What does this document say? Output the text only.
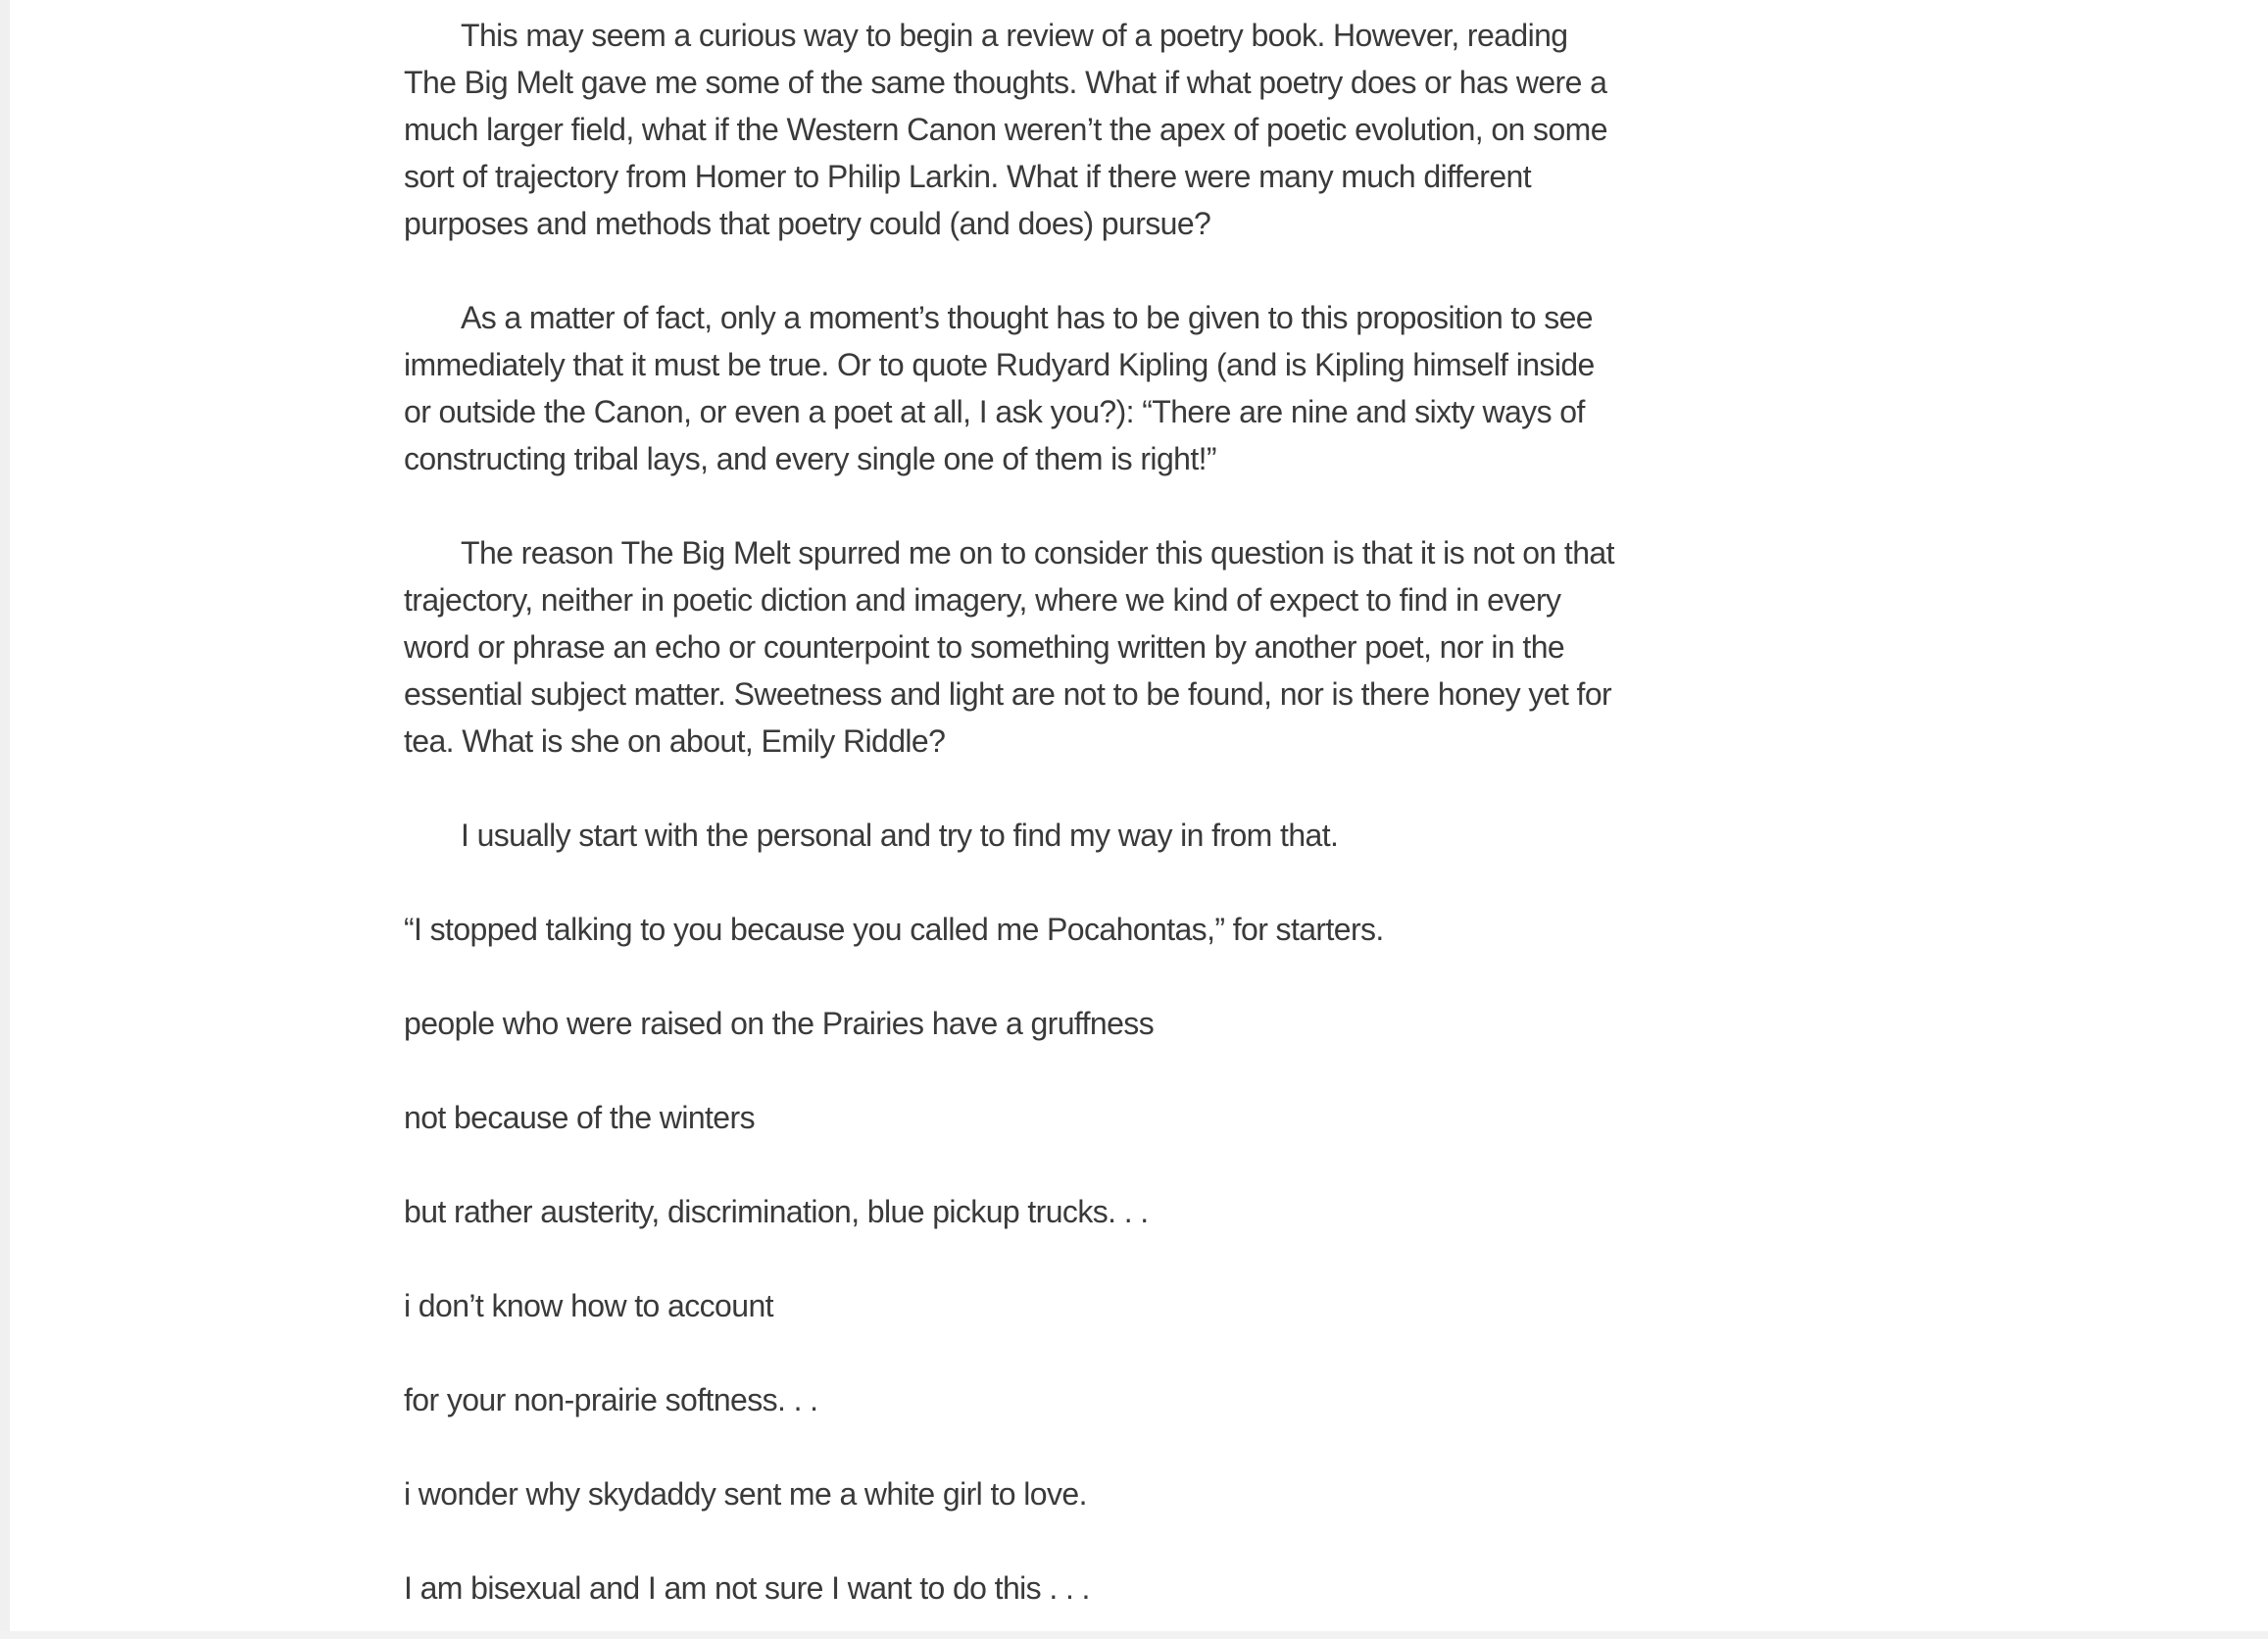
This may seem a curious way to begin a review of a poetry book. However, reading The Big Melt gave me some of the same thoughts. What if what poetry does or has were a much larger field, what if the Western Canon weren’t the apex of poetic evolution, on some sort of trajectory from Homer to Philip Larkin. What if there were many much different purposes and methods that poetry could (and does) pursue?

As a matter of fact, only a moment’s thought has to be given to this proposition to see immediately that it must be true. Or to quote Rudyard Kipling (and is Kipling himself inside or outside the Canon, or even a poet at all, I ask you?): “There are nine and sixty ways of constructing tribal lays, and every single one of them is right!”

The reason The Big Melt spurred me on to consider this question is that it is not on that trajectory, neither in poetic diction and imagery, where we kind of expect to find in every word or phrase an echo or counterpoint to something written by another poet, nor in the essential subject matter. Sweetness and light are not to be found, nor is there honey yet for tea. What is she on about, Emily Riddle?

I usually start with the personal and try to find my way in from that.

“I stopped talking to you because you called me Pocahontas,” for starters.

people who were raised on the Prairies have a gruffness

not because of the winters

but rather austerity, discrimination, blue pickup trucks. . .

i don’t know how to account

for your non-prairie softness. . .

i wonder why skydaddy sent me a white girl to love.

I am bisexual and I am not sure I want to do this . . .
